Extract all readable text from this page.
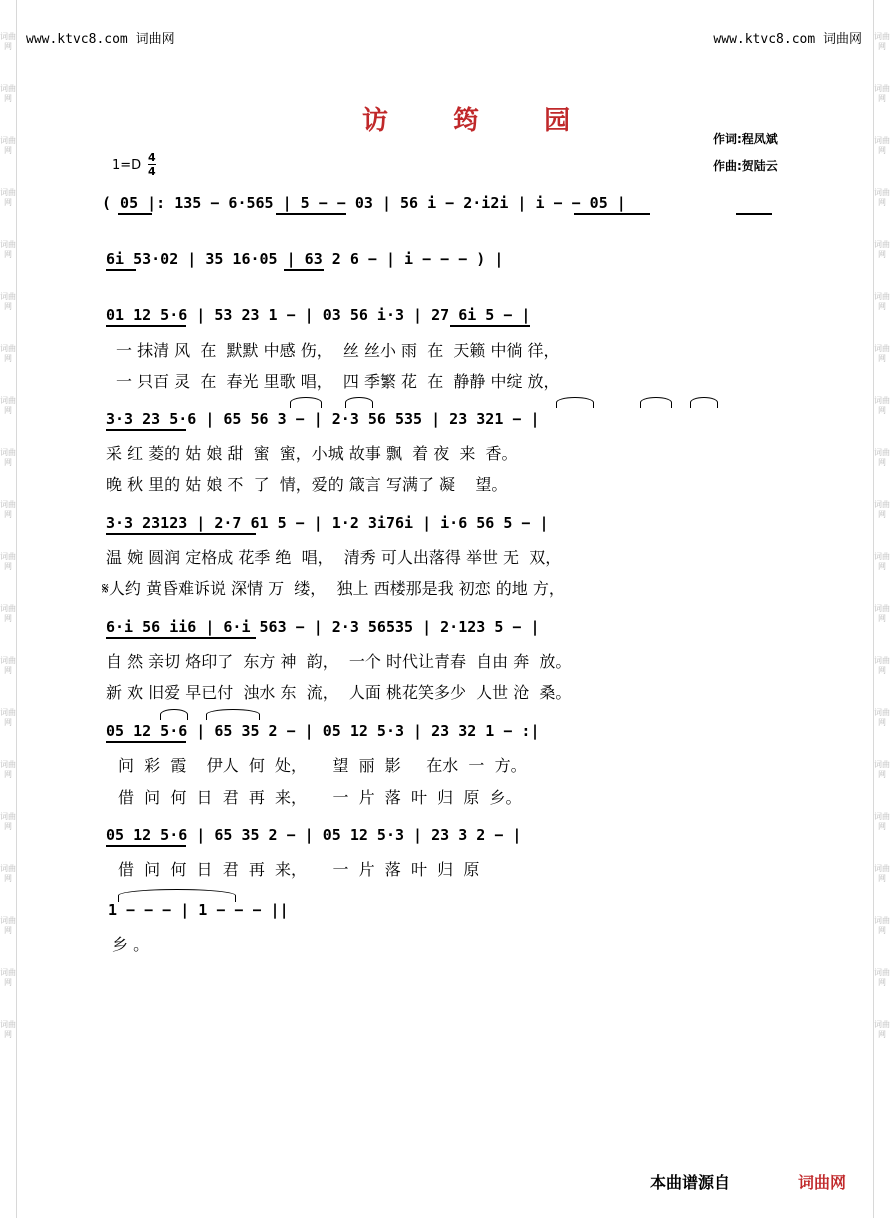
词曲网
词曲网
词曲网
词曲网
词曲网
词曲网
词曲网
词曲网
词曲网
词曲网
词曲网
词曲网
词曲网
词曲网
词曲网
词曲网
词曲网
词曲网
词曲网
词曲网
词曲网
词曲网
词曲网
词曲网
词曲网
词曲网
词曲网
词曲网
词曲网
词曲网
词曲网
词曲网
词曲网
词曲网
词曲网
词曲网
词曲网
词曲网
词曲网
词曲网
www.ktvc8.com 词曲网	www.ktvc8.com 词曲网
访 筠 园
作词:程凤斌
作曲:贺陆云
1=D
4
4
( 05 |: 135 − 6·565 | 5 − − 03 | 56 i − 2·i2i | i − − 05 |
6i 53·02 | 35 16·05 | 63 2 6 − | i − − − ) |
01 12 5·6 | 53 23 1 − | 03 56 i·3 | 27 6i 5 − |
3·3 23 5·6 | 65 56 3 − | 2·3 56 535 | 23 321 − |
3·3 23123 | 2·7 61 5 − | 1·2 3i76i | i·6 56 5 − |
6·i 56 ii6 | 6·i 563 − | 2·3 56535 | 2·123 5 − |
05 12 5·6 | 65 35 2 − | 05 12 5·3 | 23 32 1 − :|
05 12 5·6 | 65 35 2 − | 05 12 5·3 | 23 3 2 − |
1 − − − | 1 − − − ||
一 抹清 风  在  默默 中感 伤，  丝 丝小 雨  在  天籁 中徜 徉，
一 只百 灵  在  春光 里歌 唱，  四 季繁 花  在  静静 中绽 放，
采 红 菱的 姑 娘 甜  蜜  蜜，小城 故事 飘  着 夜  来  香。
晚 秋 里的 姑 娘 不  了  情，爱的 箴言 写满了 凝    望。
温 婉 圆润 定格成 花季 绝  唱，  清秀 可人出落得 举世 无  双，
𝄋人约 黄昏难诉说 深情 万  缕，  独上 西楼那是我 初恋 的地 方，
自 然 亲切 烙印了  东方 神  韵，  一个 时代让青春  自由 奔  放。
新 欢 旧爱 早已付  浊水 东  流，  人面 桃花笑多少  人世 沧  桑。
问  彩  霞    伊人  何  处，     望  丽  影     在水  一  方。
借  问  何  日  君  再  来，     一  片  落  叶  归  原  乡。
借  问  何  日  君  再  来，     一  片  落  叶  归  原
乡 。
本曲谱源自	词曲网
